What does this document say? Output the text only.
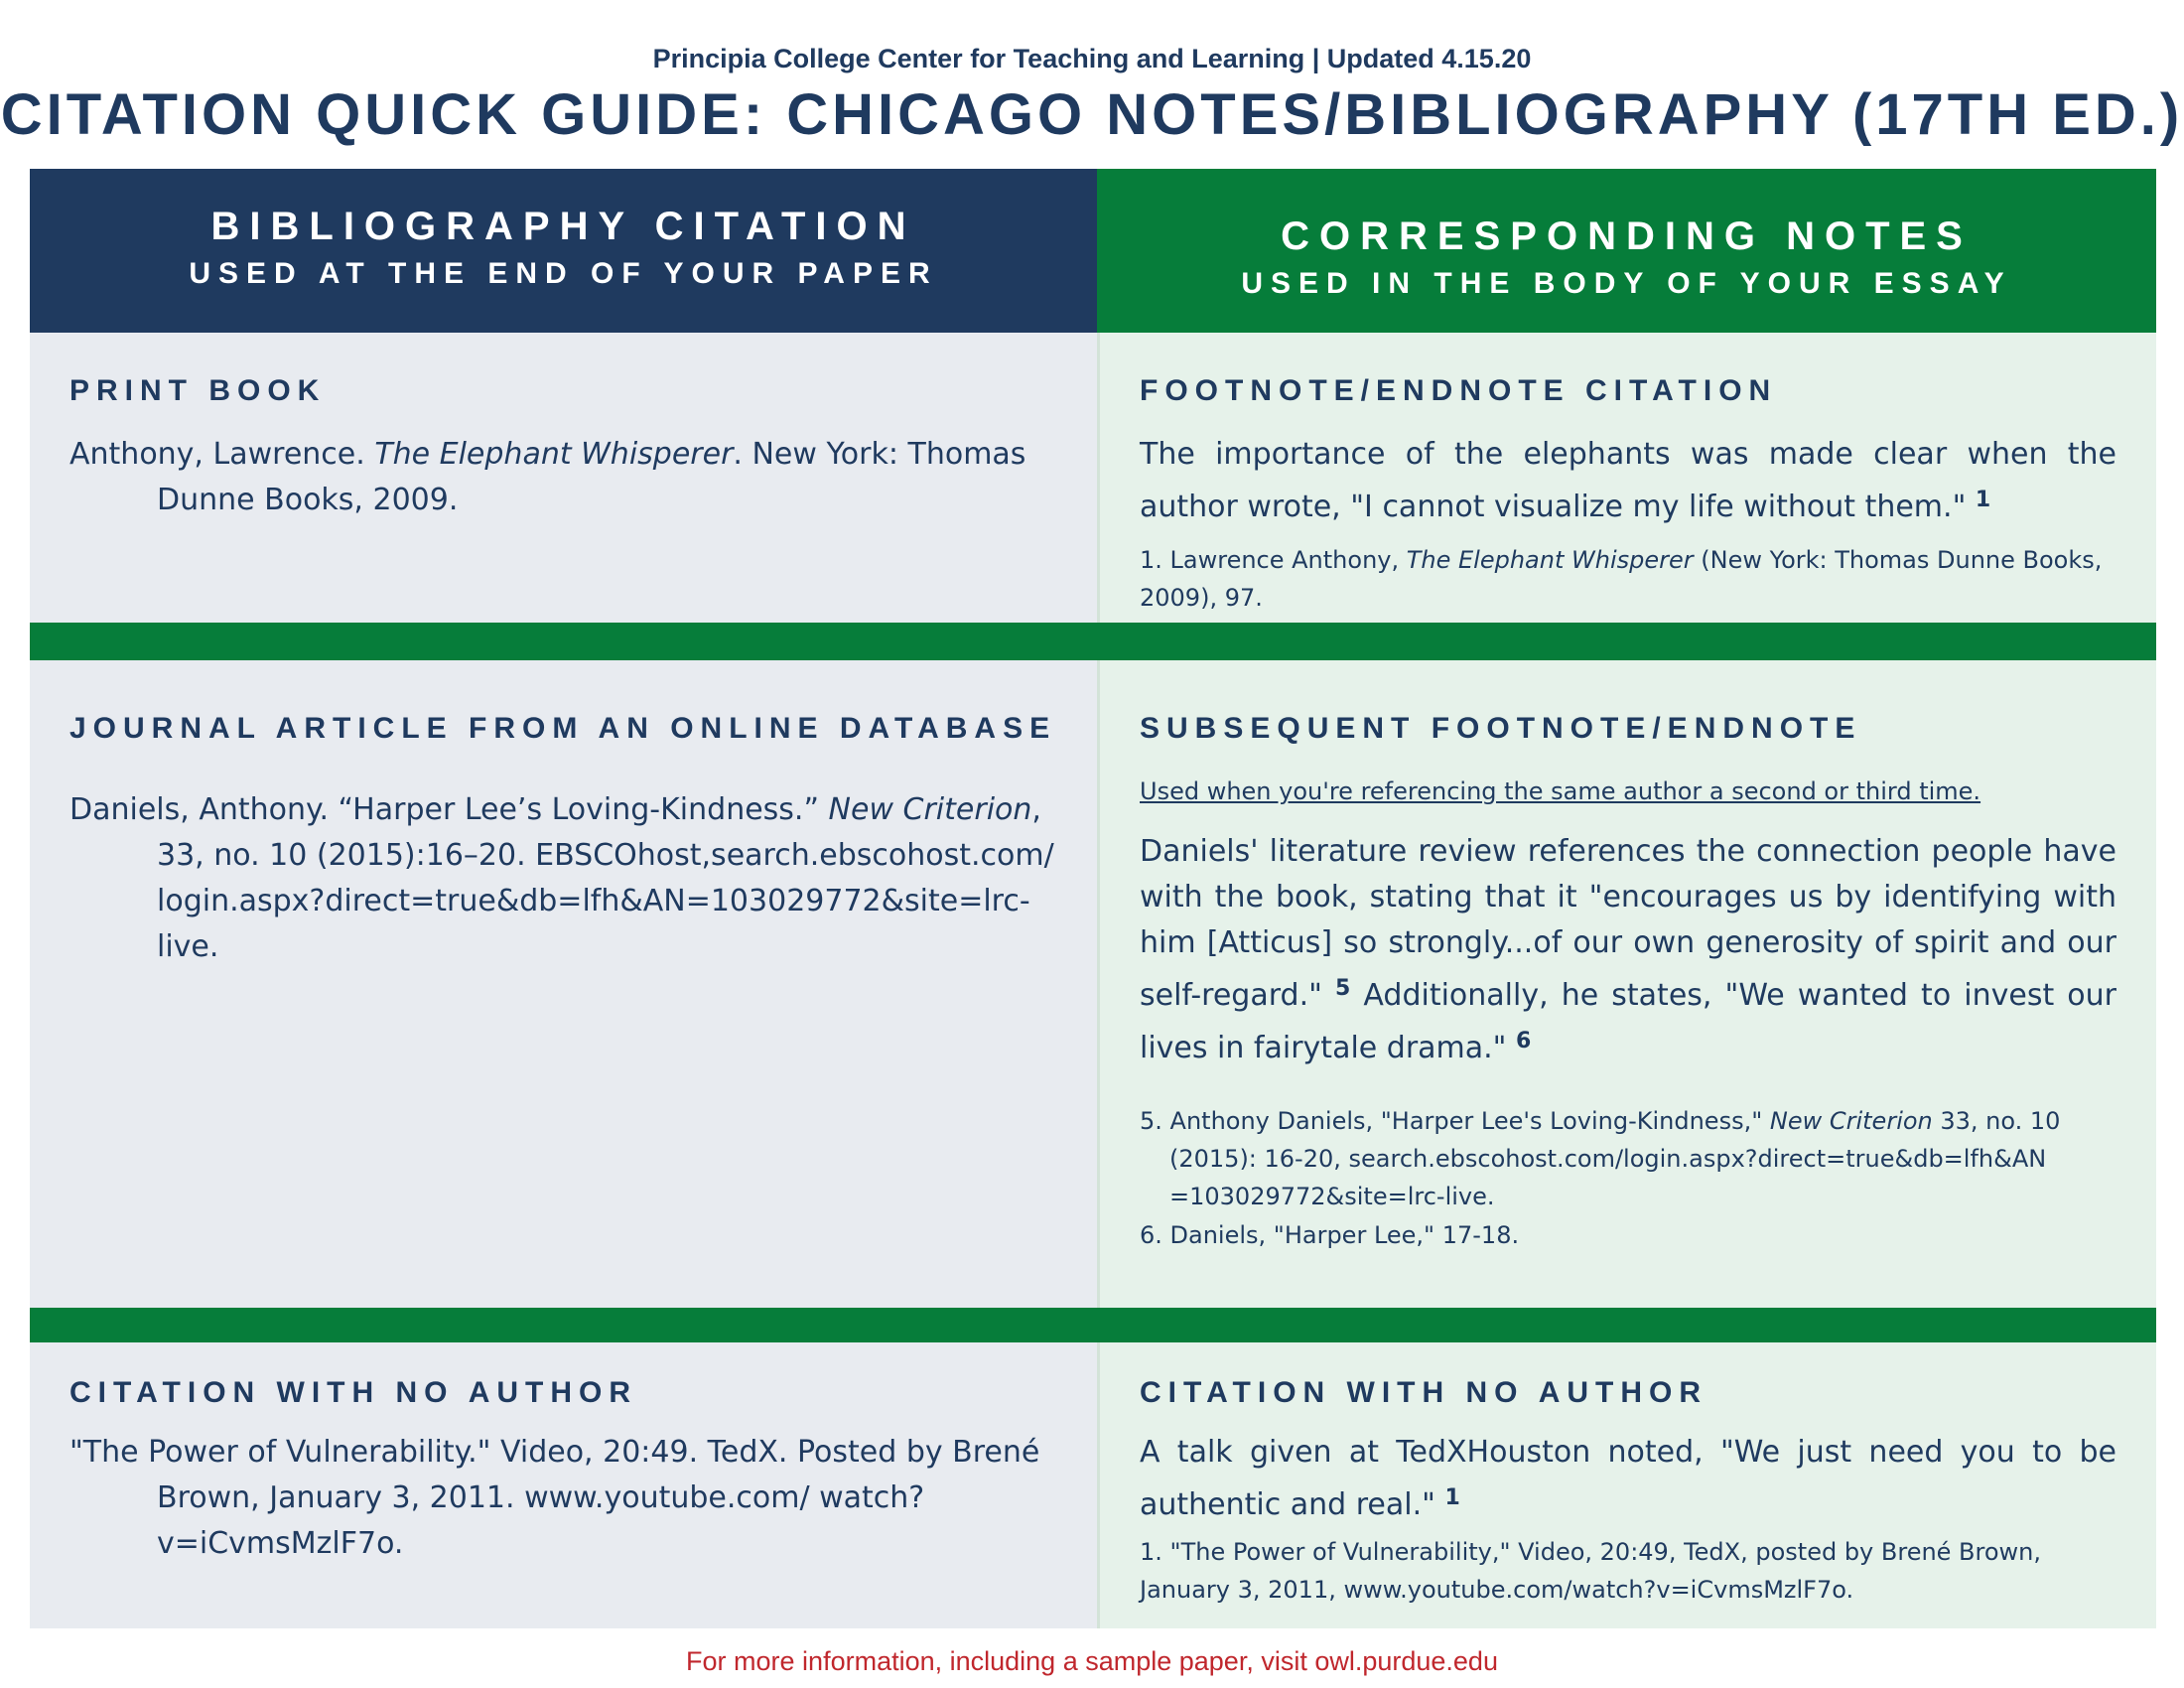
Principia College Center for Teaching and Learning | Updated 4.15.20
CITATION QUICK GUIDE: CHICAGO NOTES/BIBLIOGRAPHY (17TH ED.)
BIBLIOGRAPHY CITATION
USED AT THE END OF YOUR PAPER
CORRESPONDING NOTES
USED IN THE BODY OF YOUR ESSAY
PRINT BOOK
Anthony, Lawrence. The Elephant Whisperer. New York: Thomas Dunne Books, 2009.
FOOTNOTE/ENDNOTE CITATION
The importance of the elephants was made clear when the author wrote, "I cannot visualize my life without them." $^1$
1. Lawrence Anthony, The Elephant Whisperer (New York: Thomas Dunne Books, 2009), 97.
JOURNAL ARTICLE FROM AN ONLINE DATABASE
Daniels, Anthony. “Harper Lee’s Loving-Kindness.” New Criterion, 33, no. 10 (2015):16–20. EBSCOhost,search.ebscohost.com/ login.aspx?direct=true&db=lfh&AN=103029772&site=lrc-live.
SUBSEQUENT FOOTNOTE/ENDNOTE
Used when you're referencing the same author a second or third time.
Daniels' literature review references the connection people have with the book, stating that it "encourages us by identifying with him [Atticus] so strongly...of our own generosity of spirit and our self-regard." $^5$ Additionally, he states, "We wanted to invest our lives in fairytale drama." $^6$
5. Anthony Daniels, "Harper Lee's Loving-Kindness," New Criterion 33, no. 10 (2015): 16-20, search.ebscohost.com/login.aspx?direct=true&db=lfh&AN =103029772&site=lrc-live.
6. Daniels, "Harper Lee," 17-18.
CITATION WITH NO AUTHOR
"The Power of Vulnerability." Video, 20:49. TedX. Posted by Brené Brown, January 3, 2011. www.youtube.com/ watch?v=iCvmsMzlF7o.
CITATION WITH NO AUTHOR
A talk given at TedXHouston noted, "We just need you to be authentic and real." $^1$
1. "The Power of Vulnerability," Video, 20:49, TedX, posted by Brené Brown, January 3, 2011, www.youtube.com/watch?v=iCvmsMzlF7o.
For more information, including a sample paper, visit owl.purdue.edu
